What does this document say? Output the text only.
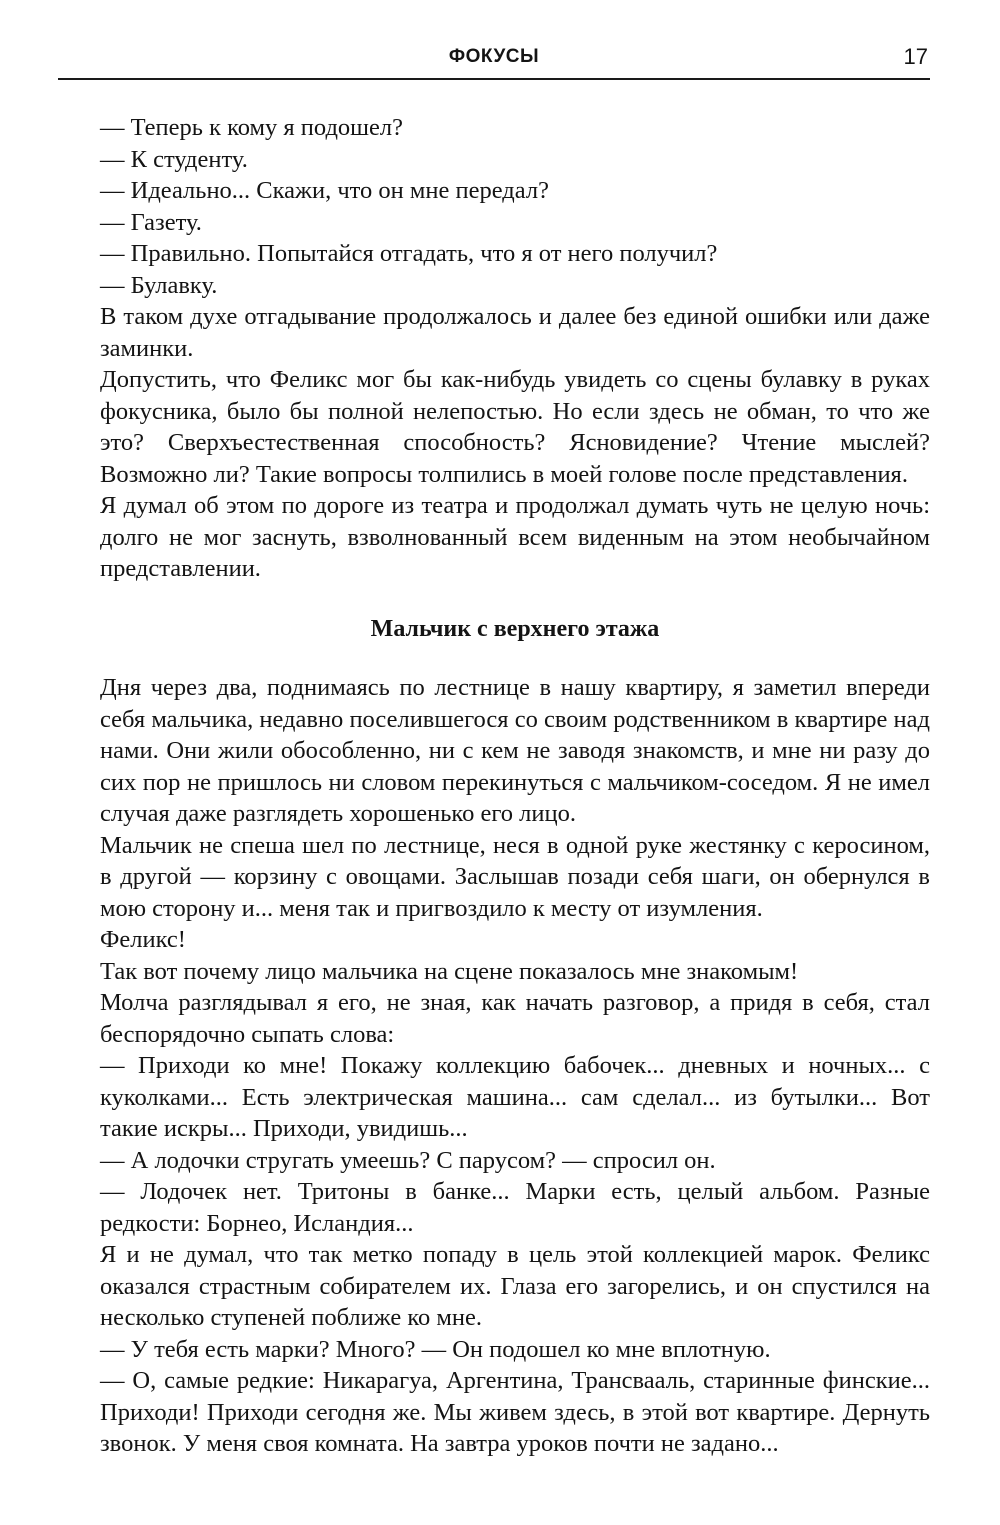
ФОКУСЫ	17

— Теперь к кому я подошел?

— К студенту.

— Идеально... Скажи, что он мне передал?

— Газету.

— Правильно. Попытайся отгадать, что я от него получил?

— Булавку.

В таком духе отгадывание продолжалось и далее без единой ошибки или даже заминки.

Допустить, что Феликс мог бы как-нибудь увидеть со сцены булавку в руках фокусника, было бы полной нелепостью. Но если здесь не обман, то что же это? Сверхъестественная способность? Ясновидение? Чтение мыслей? Возможно ли? Такие вопросы толпились в моей голове после представления.

Я думал об этом по дороге из театра и продолжал думать чуть не целую ночь: долго не мог заснуть, взволнованный всем виденным на этом необычайном представлении.

Мальчик с верхнего этажа

Дня через два, поднимаясь по лестнице в нашу квартиру, я заметил впереди себя мальчика, недавно поселившегося со своим родственником в квартире над нами. Они жили обособленно, ни с кем не заводя знакомств, и мне ни разу до сих пор не пришлось ни словом перекинуться с мальчиком-соседом. Я не имел случая даже разглядеть хорошенько его лицо.

Мальчик не спеша шел по лестнице, неся в одной руке жестянку с керосином, в другой — корзину с овощами. Заслышав позади себя шаги, он обернулся в мою сторону и... меня так и пригвоздило к месту от изумления.

Феликс!

Так вот почему лицо мальчика на сцене показалось мне знакомым!

Молча разглядывал я его, не зная, как начать разговор, а придя в себя, стал беспорядочно сыпать слова:

— Приходи ко мне! Покажу коллекцию бабочек... дневных и ночных... с куколками... Есть электрическая машина... сам сделал... из бутылки... Вот такие искры... Приходи, увидишь...

— А лодочки стругать умеешь? С парусом? — спросил он.

— Лодочек нет. Тритоны в банке... Марки есть, целый альбом. Разные редкости: Борнео, Исландия...

Я и не думал, что так метко попаду в цель этой коллекцией марок. Феликс оказался страстным собирателем их. Глаза его загорелись, и он спустился на несколько ступеней поближе ко мне.

— У тебя есть марки? Много? — Он подошел ко мне вплотную.

— О, самые редкие: Никарагуа, Аргентина, Трансвааль, старинные финские... Приходи! Приходи сегодня же. Мы живем здесь, в этой вот квартире. Дернуть звонок. У меня своя комната. На завтра уроков почти не задано...
